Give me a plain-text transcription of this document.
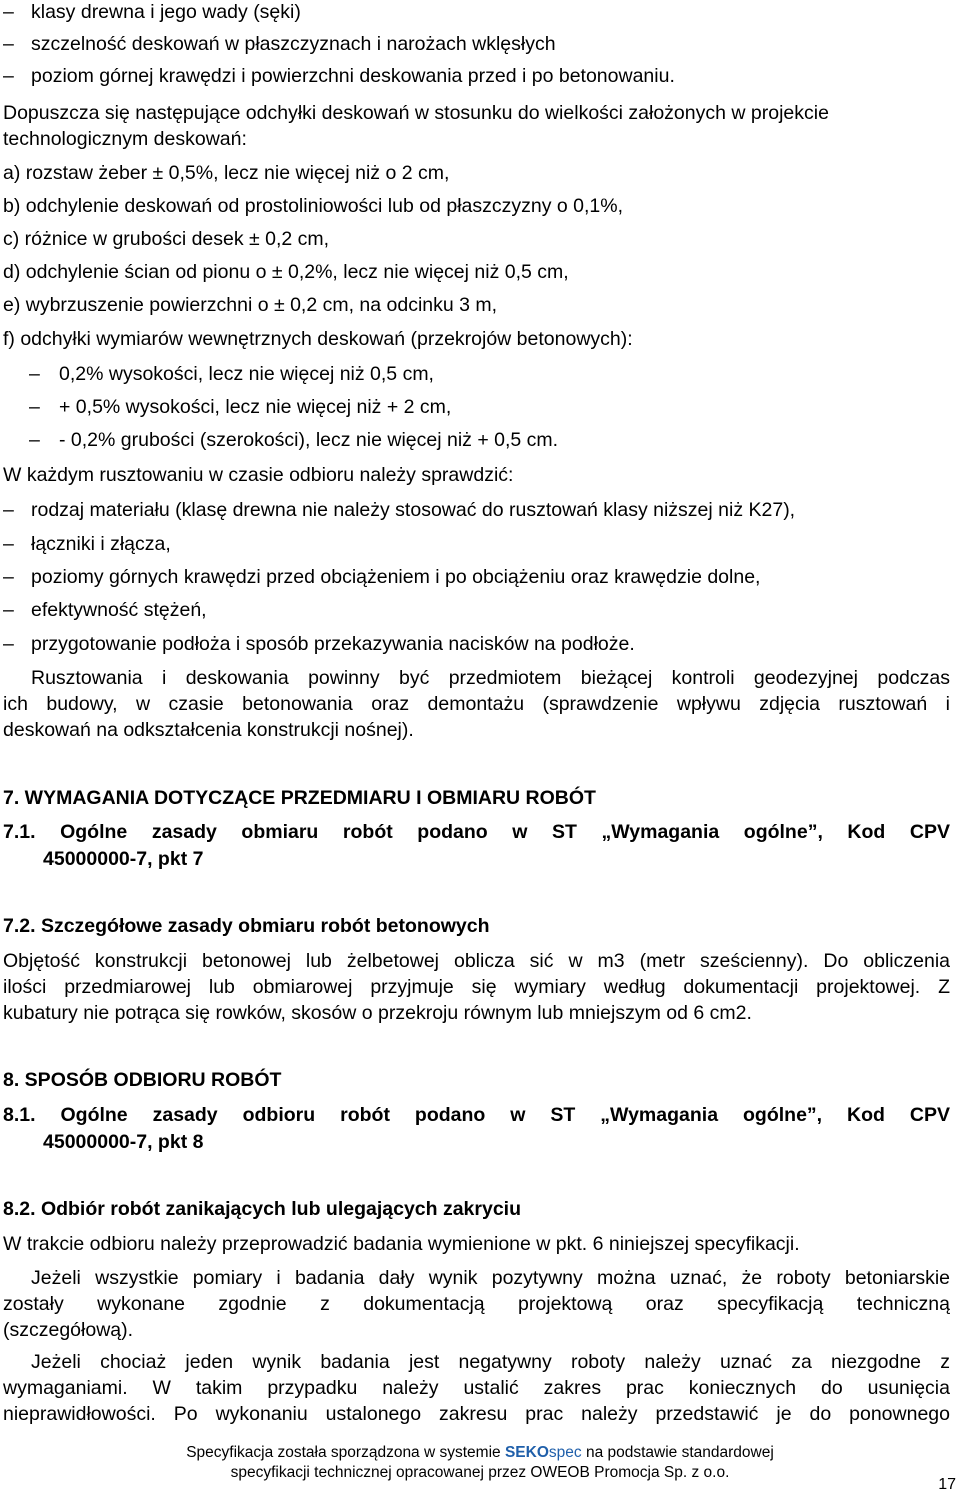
– klasy drewna i jego wady (sęki)
– szczelność deskowań w płaszczyznach i narożach wklęsłych
– poziom górnej krawędzi i powierzchni deskowania przed i po betonowaniu.
Dopuszcza się następujące odchyłki deskowań w stosunku do wielkości założonych w projekcie
technologicznym deskowań:
a) rozstaw żeber ± 0,5%, lecz nie więcej niż o 2 cm,
b) odchylenie deskowań od prostoliniowości lub od płaszczyzny o 0,1%,
c) różnice w grubości desek ± 0,2 cm,
d) odchylenie ścian od pionu o ± 0,2%, lecz nie więcej niż 0,5 cm,
e) wybrzuszenie powierzchni o ± 0,2 cm, na odcinku 3 m,
f) odchyłki wymiarów wewnętrznych deskowań (przekrojów betonowych):
– 0,2% wysokości, lecz nie więcej niż 0,5 cm,
– + 0,5% wysokości, lecz nie więcej niż + 2 cm,
– - 0,2% grubości (szerokości), lecz nie więcej niż + 0,5 cm.
W każdym rusztowaniu w czasie odbioru należy sprawdzić:
– rodzaj materiału (klasę drewna nie należy stosować do rusztowań klasy niższej niż K27),
– łączniki i złącza,
– poziomy górnych krawędzi przed obciążeniem i po obciążeniu oraz krawędzie dolne,
– efektywność stężeń,
– przygotowanie podłoża i sposób przekazywania nacisków na podłoże.
Rusztowania i deskowania powinny być przedmiotem bieżącej kontroli geodezyjnej podczas
ich budowy, w czasie betonowania oraz demontażu (sprawdzenie wpływu zdjęcia rusztowań i
deskowań na odkształcenia konstrukcji nośnej).
7. WYMAGANIA DOTYCZĄCE PRZEDMIARU I OBMIARU ROBÓT
7.1. Ogólne zasady obmiaru robót podano w ST „Wymagania ogólne”, Kod CPV
45000000-7, pkt 7
7.2. Szczegółowe zasady obmiaru robót betonowych
Objętość konstrukcji betonowej lub żelbetowej oblicza sić w m3 (metr sześcienny). Do obliczenia
ilości przedmiarowej lub obmiarowej przyjmuje się wymiary według dokumentacji projektowej. Z
kubatury nie potrąca się rowków, skosów o przekroju równym lub mniejszym od 6 cm2.
8. SPOSÓB ODBIORU ROBÓT
8.1. Ogólne zasady odbioru robót podano w ST „Wymagania ogólne”, Kod CPV
45000000-7, pkt 8
8.2. Odbiór robót zanikających lub ulegających zakryciu
W trakcie odbioru należy przeprowadzić badania wymienione w pkt. 6 niniejszej specyfikacji.
Jeżeli wszystkie pomiary i badania dały wynik pozytywny można uznać, że roboty betoniarskie
zostały wykonane zgodnie z dokumentacją projektową oraz specyfikacją techniczną
(szczegółową).
Jeżeli chociaż jeden wynik badania jest negatywny roboty należy uznać za niezgodne z
wymaganiami. W takim przypadku należy ustalić zakres prac koniecznych do usunięcia
nieprawidłowości. Po wykonaniu ustalonego zakresu prac należy przedstawić je do ponownego
Specyfikacja została sporządzona w systemie SEKOspec na podstawie standardowej
specyfikacji technicznej opracowanej przez OWEOB Promocja Sp. z o.o.
17
